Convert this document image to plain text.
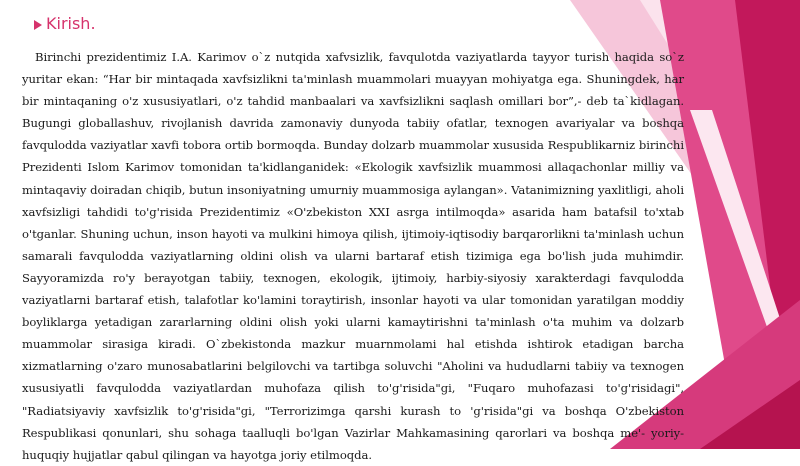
Kirish.

Birinchi prezidentimiz I.A. Karimov o`z nutqida xafvsizlik, favqulotda vaziyatlarda tayyor turish haqida so`z yuritar ekan: “Har bir mintaqada xavfsizlikni ta'minlash muammolari muayyan mohiyatga ega. Shuningdek, har bir mintaqaning o'z xususiyatlari, o'z tahdid manbaalari va xavfsizlikni saqlash omillari bor”,- deb ta`kidlagan. Bugungi globallashuv, rivojlanish davrida zamonaviy dunyoda tabiiy ofatlar, texnogen avariyalar va boshqa favqulodda vaziyatlar xavfi tobora ortib bormoqda. Bunday dolzarb muammolar xususida Respublikarniz birinchi Prezidenti Islom Karimov tomonidan ta'kidlanganidek: «Ekologik xavfsizlik muammosi allaqachonlar milliy va mintaqaviy doiradan chiqib, butun insoniyatning umurniy muammosiga aylangan». Vatanimizning yaxlitligi, aholi xavfsizligi tahdidi to'g'risida Prezidentimiz «O'zbekiston XXI asrga intilmoqda» asarida ham batafsil to'xtab o'tganlar. Shuning uchun, inson hayoti va mulkini himoya qilish, ijtimoiy-iqtisodiy barqarorlikni ta'minlash uchun samarali favqulodda vaziyatlarning oldini olish va ularni bartaraf etish tizimiga ega bo'lish juda muhimdir. Sayyoramizda ro'y berayotgan tabiiy, texnogen, ekologik, ijtimoiy, harbiy-siyosiy xarakterdagi favqulodda vaziyatlarni bartaraf etish, talafotlar ko'lamini toraytirish, insonlar hayoti va ular tomonidan yaratilgan moddiy boyliklarga yetadigan zararlarning oldini olish yoki ularni kamaytirishni ta'minlash o'ta muhim va dolzarb muammolar sirasiga kiradi. O`zbekistonda mazkur muarnmolami hal etishda ishtirok etadigan barcha xizmatlarning o'zaro munosabatlarini belgilovchi va tartibga soluvchi "Aholini va hududlarni tabiiy va texnogen xususiyatli favqulodda vaziyatlardan muhofaza qilish to'g'risida"gi, "Fuqaro muhofazasi to'g'risidagi", "Radiatsiyaviy xavfsizlik to'g'risida"gi, "Terrorizimga qarshi kurash to 'g'risida"gi va boshqa O'zbekiston Respublikasi qonunlari, shu sohaga taalluqli bo'lgan Vazirlar Mahkamasining qarorlari va boshqa me'- yoriy-huquqiy hujjatlar qabul qilingan va hayotga joriy etilmoqda.
